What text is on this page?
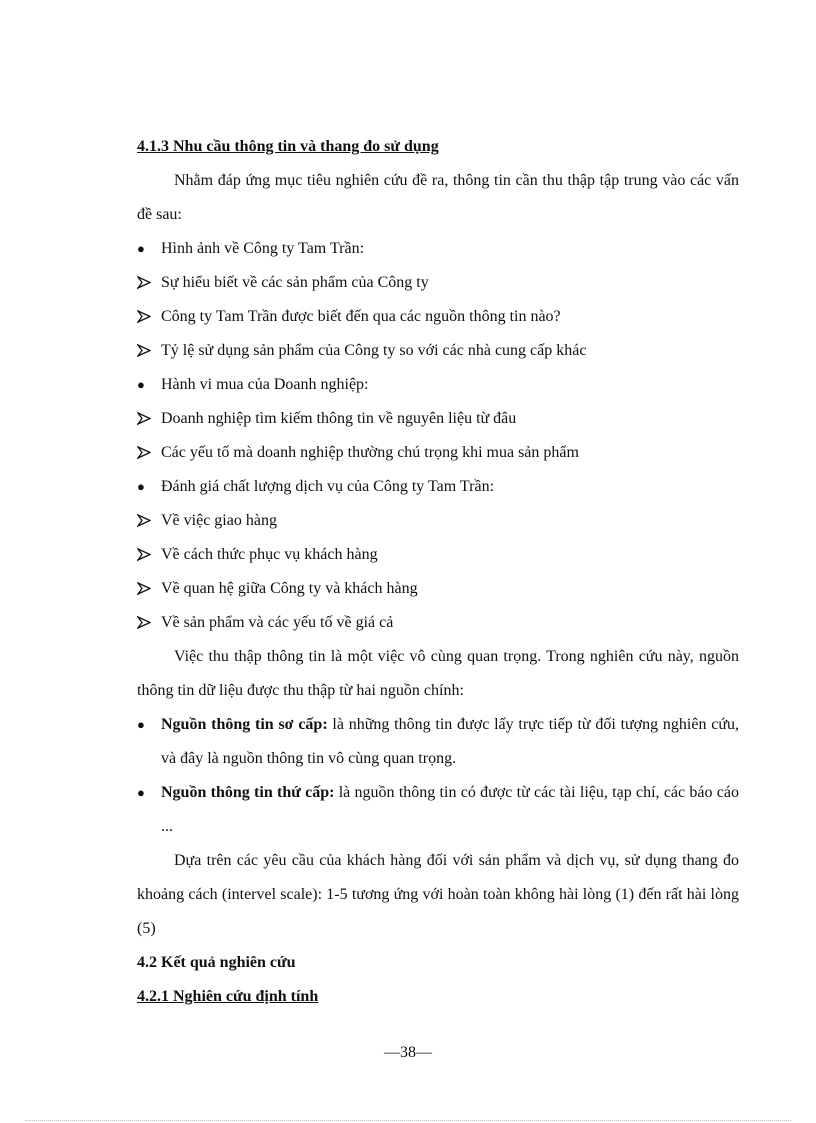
4.1.3 Nhu cầu thông tin và thang đo sử dụng

Nhằm đáp ứng mục tiêu nghiên cứu đề ra, thông tin cần thu thập tập trung vào các vấn đề sau:

●	Hình ảnh về Công ty Tam Trần:
Sự hiểu biết về các sản phẩm của Công ty
Công ty Tam Trần được biết đến qua các nguồn thông tin nào?
Tỷ lệ sử dụng sản phẩm của Công ty so với các nhà cung cấp khác
●	Hành vi mua của Doanh nghiệp:
Doanh nghiệp tìm kiếm thông tin về nguyên liệu từ đâu
Các yếu tố mà doanh nghiệp thường chú trọng khi mua sản phẩm
●	Đánh giá chất lượng dịch vụ của Công ty Tam Trần:
Về việc giao hàng
Về cách thức phục vụ khách hàng
Về quan hệ giữa Công ty và khách hàng
Về sản phẩm và các yếu tố về giá cả

Việc thu thập thông tin là một việc vô cùng quan trọng. Trong nghiên cứu này, nguồn thông tin dữ liệu được thu thập từ hai nguồn chính:

●	Nguồn thông tin sơ cấp: là những thông tin được lấy trực tiếp từ đối tượng nghiên cứu, và đây là nguồn thông tin vô cùng quan trọng.
●	Nguồn thông tin thứ cấp: là nguồn thông tin có được từ các tài liệu, tạp chí, các báo cáo ...

Dựa trên các yêu cầu của khách hàng đối với sản phẩm và dịch vụ, sử dụng thang đo khoảng cách (intervel scale): 1-5 tương ứng với hoàn toàn không hài lòng (1) đến rất hài lòng (5)

4.2 Kết quả nghiên cứu

4.2.1 Nghiên cứu định tính

—38—
